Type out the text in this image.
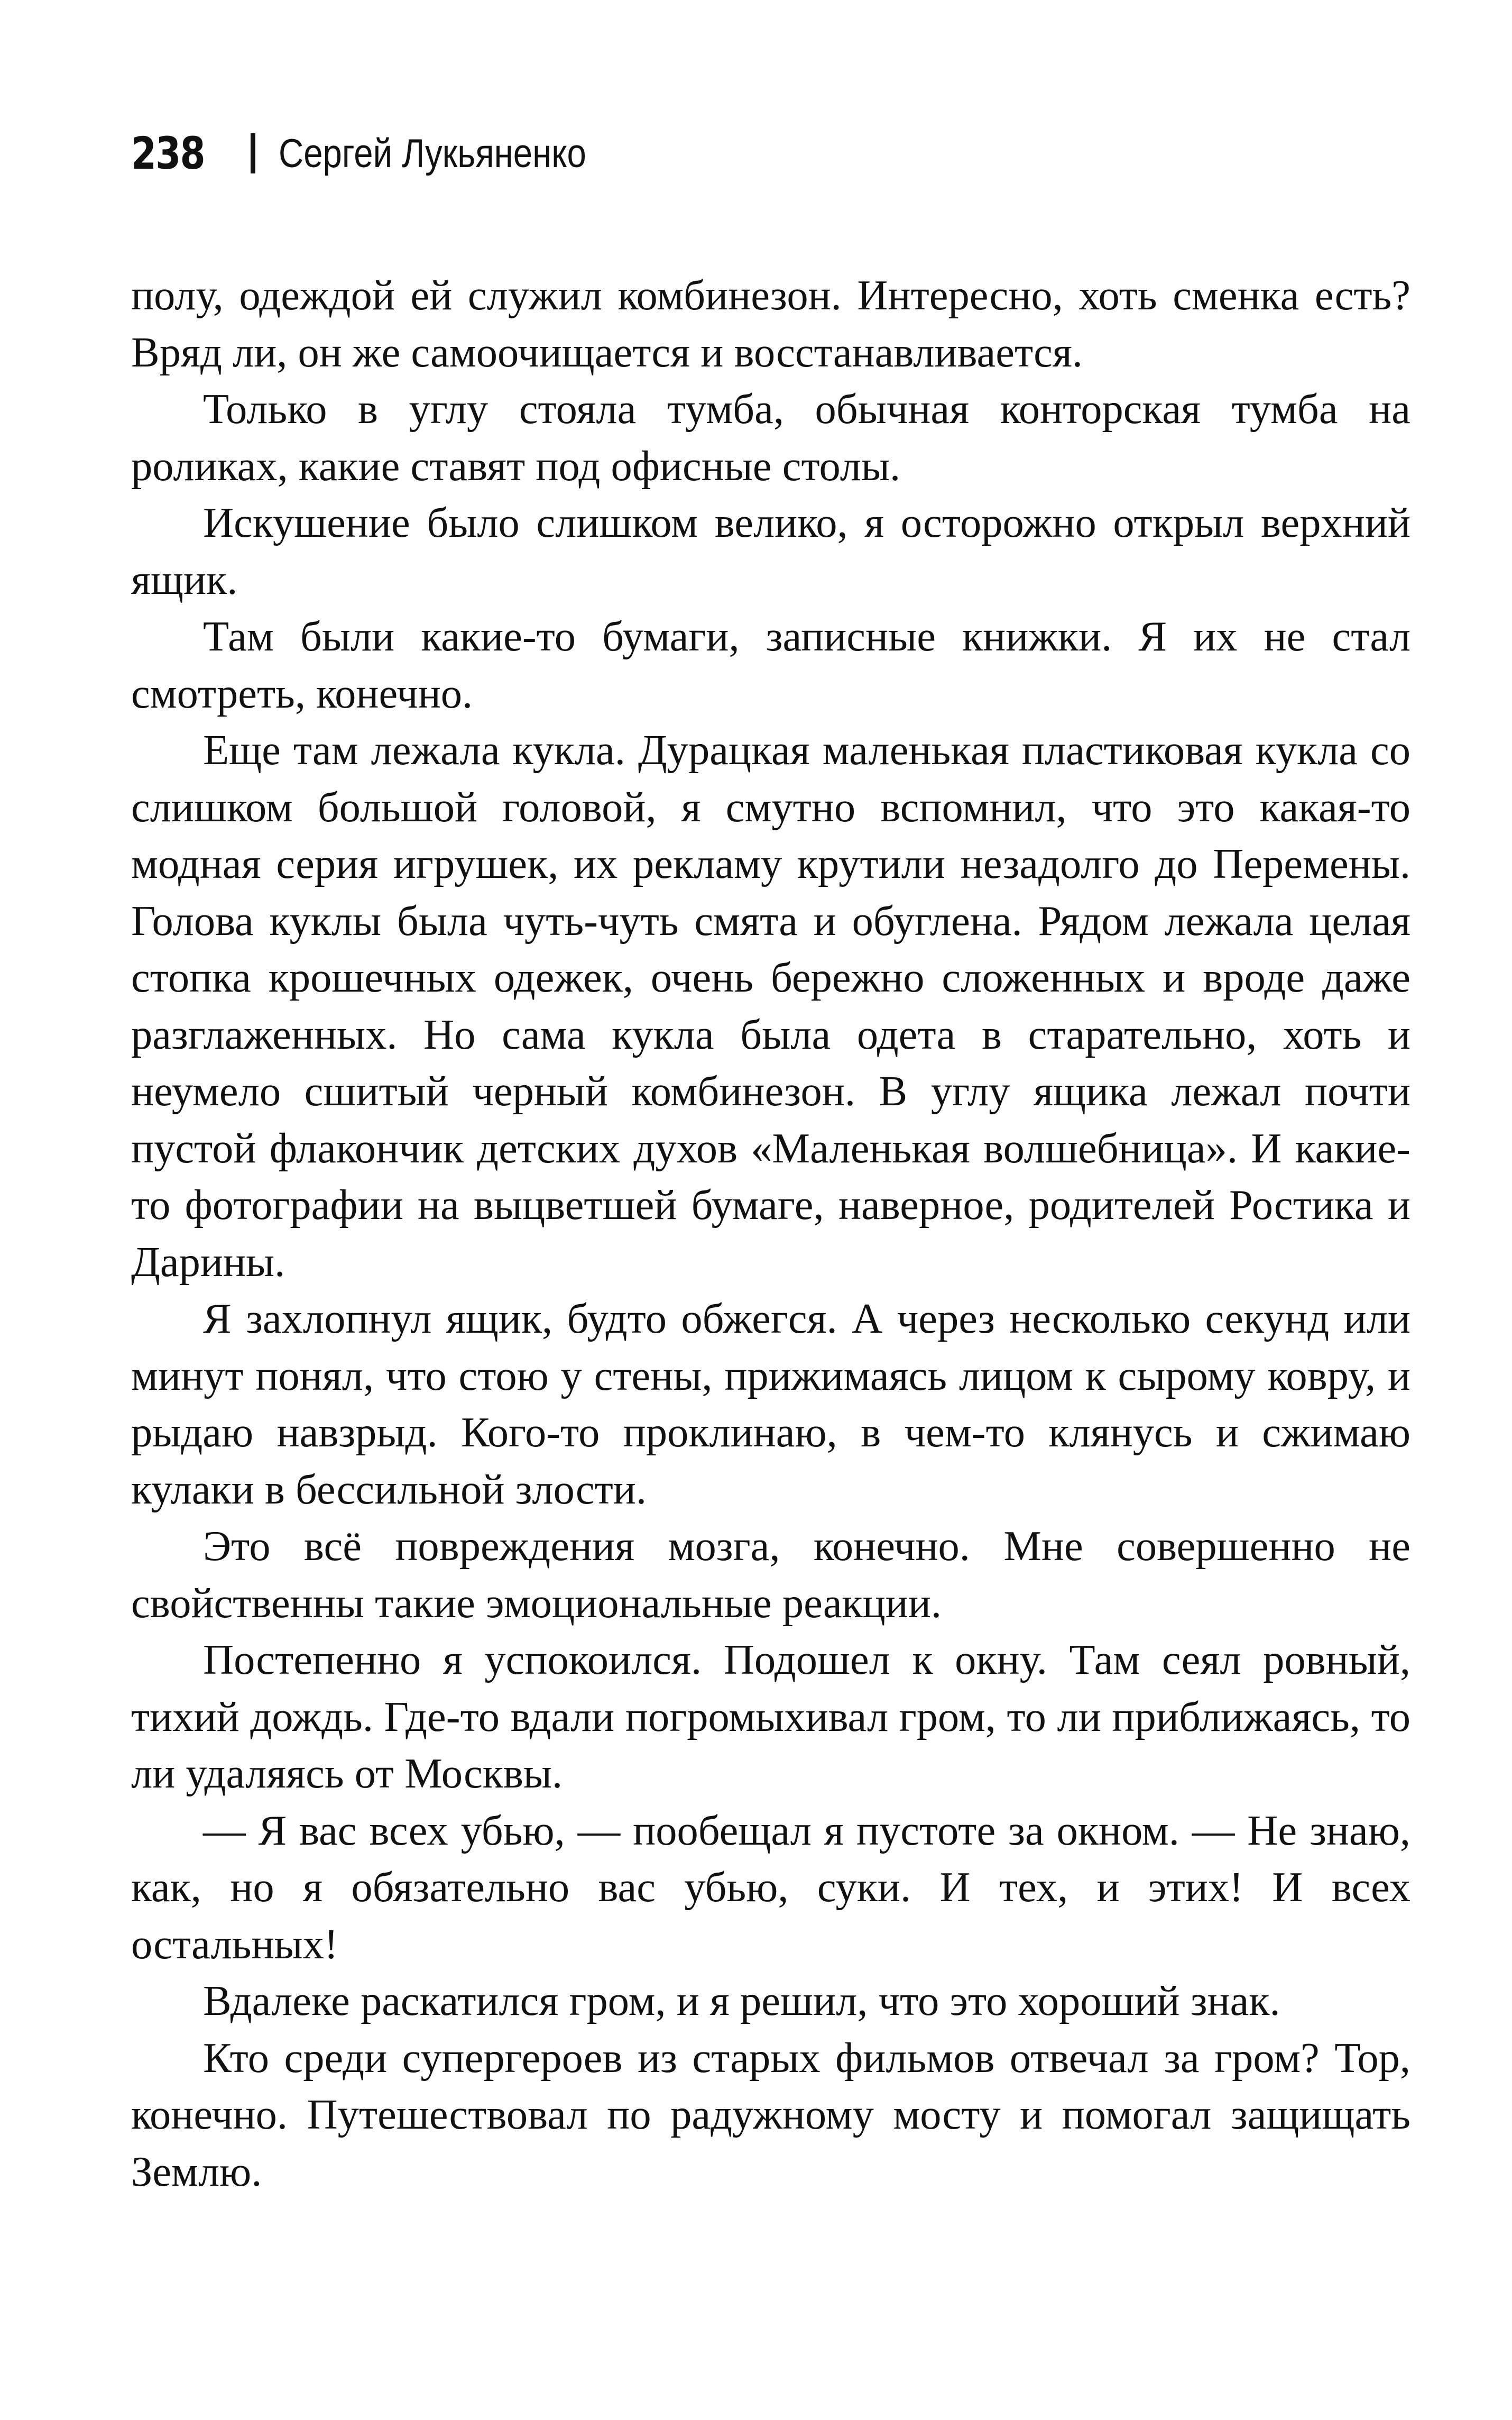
238 Сергей Лукьяненко

полу, одеждой ей служил комбинезон. Интересно, хоть сменка есть? Вряд ли, он же самоочищается и восстанавливается.

Только в углу стояла тумба, обычная конторская тумба на роликах, какие ставят под офисные столы.

Искушение было слишком велико, я осторожно открыл верхний ящик.

Там были какие-то бумаги, записные книжки. Я их не стал смотреть, конечно.

Еще там лежала кукла. Дурацкая маленькая пластиковая кукла со слишком большой головой, я смутно вспомнил, что это какая-то модная серия игрушек, их рекламу крутили незадолго до Перемены. Голова куклы была чуть-чуть смята и обуглена. Рядом лежала целая стопка крошечных одежек, очень бережно сложенных и вроде даже разглаженных. Но сама кукла была одета в старательно, хоть и неумело сшитый черный комбинезон. В углу ящика лежал почти пустой флакончик детских духов «Маленькая волшебница». И какие-то фотографии на выцветшей бумаге, наверное, родителей Ростика и Дарины.

Я захлопнул ящик, будто обжегся. А через несколько секунд или минут понял, что стою у стены, прижимаясь лицом к сырому ковру, и рыдаю навзрыд. Кого-то проклинаю, в чем-то клянусь и сжимаю кулаки в бессильной злости.

Это всё повреждения мозга, конечно. Мне совершенно не свойственны такие эмоциональные реакции.

Постепенно я успокоился. Подошел к окну. Там сеял ровный, тихий дождь. Где-то вдали погромыхивал гром, то ли приближаясь, то ли удаляясь от Москвы.

— Я вас всех убью, — пообещал я пустоте за окном. — Не знаю, как, но я обязательно вас убью, суки. И тех, и этих! И всех остальных!

Вдалеке раскатился гром, и я решил, что это хороший знак.

Кто среди супергероев из старых фильмов отвечал за гром? Тор, конечно. Путешествовал по радужному мосту и помогал защищать Землю.
